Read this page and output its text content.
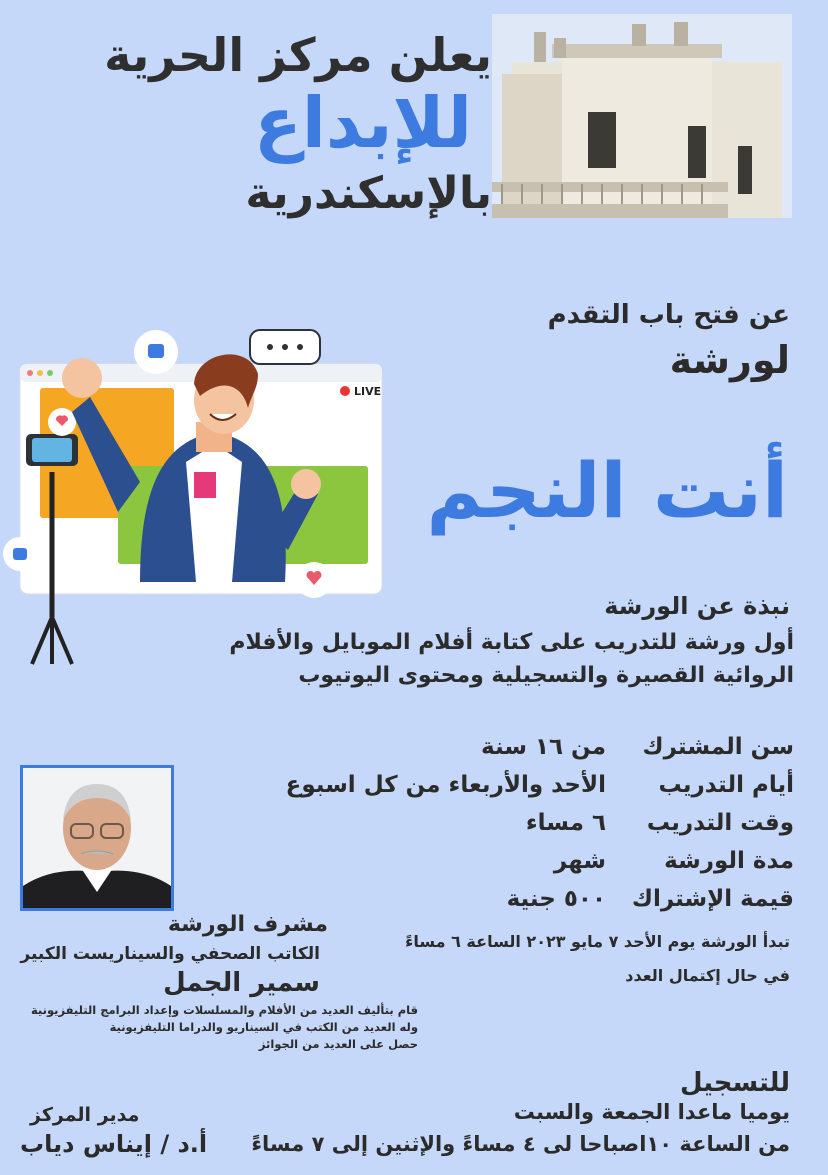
يعلن مركز الحرية
للإبداع
بالإسكندرية
عن فتح باب التقدم
لورشة
أنت النجم
LIVE
نبذة عن الورشة
أول ورشة للتدريب على كتابة أفلام الموبايل والأفلام الروائية القصيرة والتسجيلية ومحتوى اليوتيوب
سن المشترك
من ١٦ سنة
أيام التدريب
الأحد والأربعاء من كل اسبوع
وقت التدريب
٦ مساء
مدة الورشة
شهر
قيمة الإشتراك
٥٠٠ جنية
تبدأ الورشة يوم الأحد ٧ مايو ٢٠٢٣ الساعة ٦ مساءً
في حال إكتمال العدد
مشرف الورشة
الكاتب الصحفي والسيناريست الكبير
سمير الجمل
قام بتأليف العديد من الأفلام والمسلسلات وإعداد البرامج التليفزيونية
وله العديد من الكتب في السيناريو والدراما التليفزيونية
حصل على العديد من الجوائز
للتسجيل
يوميا ماعدا الجمعة والسبت
من الساعة ١٠اصباحا لى ٤ مساءً والإثنين إلى ٧ مساءً
مدير المركز
أ.د / إيناس دياب
